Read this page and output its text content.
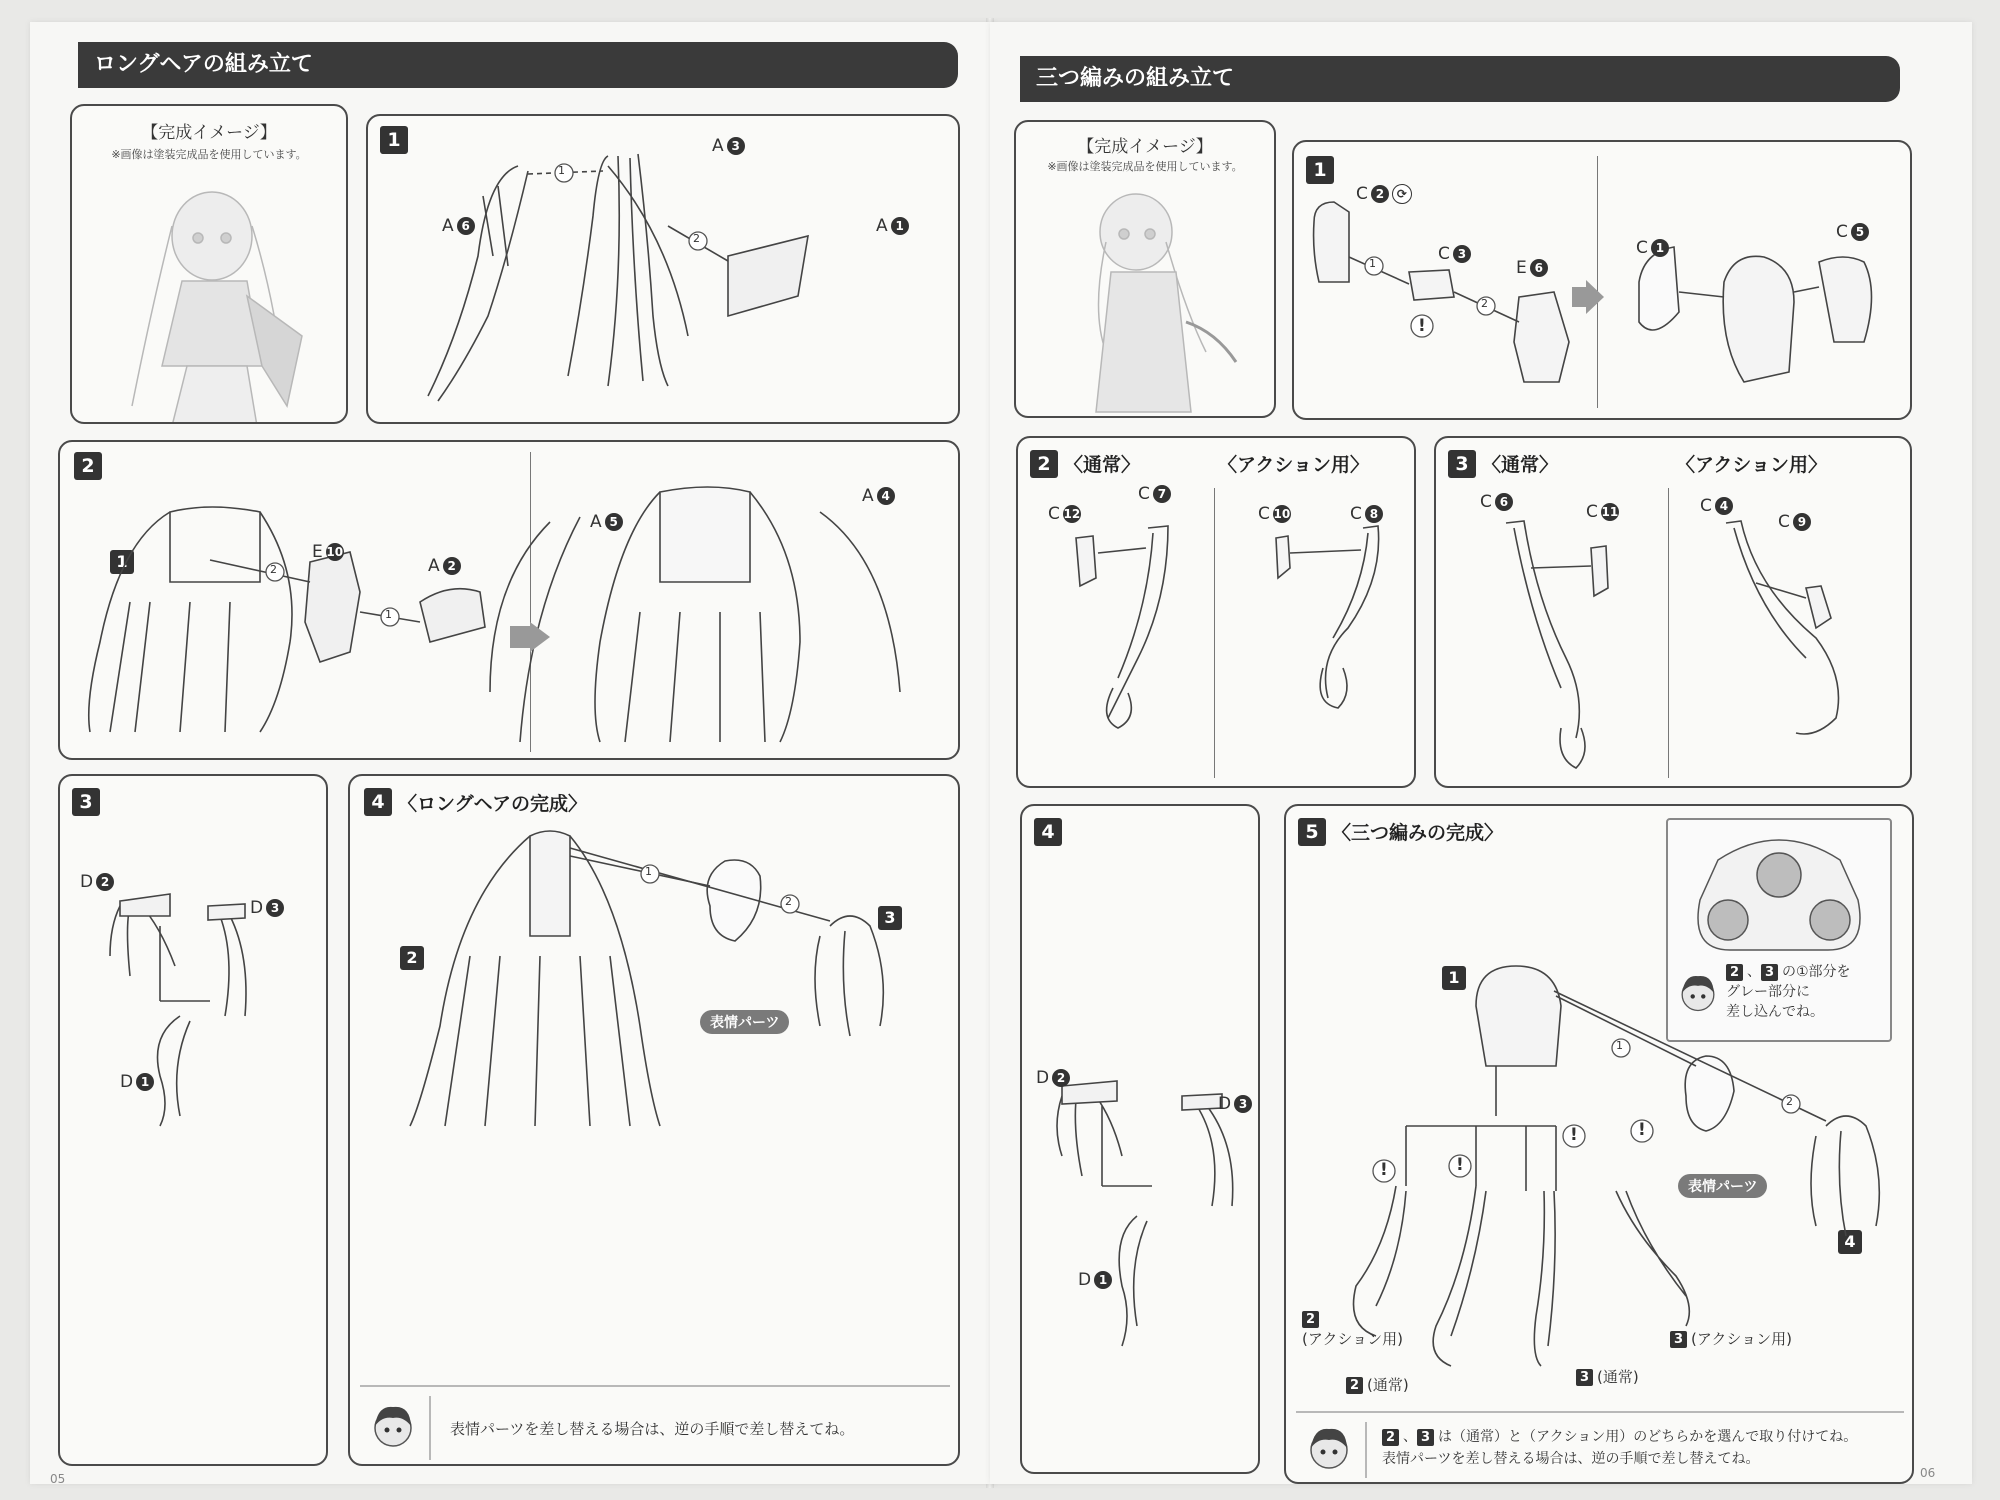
ロングヘアの組み立て
【完成イメージ】
※画像は塗装完成品を使用しています。
1
1
2
A 3
A 6	A 1
2
1	2
1
E 10
A 2
A 5
A 4
3
D 2
D 3
D 1
4 〈ロングヘアの完成〉
2
3
1
2
表情パーツ
表情パーツを差し替える場合は、逆の手順で差し替えてね。
05
三つ編みの組み立て
【完成イメージ】
※画像は塗装完成品を使用しています。	1
1
2
!
C 2 ⟳
C 3
E 6
C 1
C 5
2 〈通常〉	〈アクション用〉
C 12
C 7
C 10	C 8
3 〈通常〉	〈アクション用〉
C 6	C 11	C 4
C 9
4
D 2
D 3
D 1
5 〈三つ編みの完成〉
2 、 3 の①部分を
グレー部分に
差し込んでね。
1
4
1
2
!	!
!	!
表情パーツ
2
(アクション用)
2 (通常)	3 (通常)
3 (アクション用)
2 、 3 は（通常）と（アクション用）のどちらかを選んで取り付けてね。
表情パーツを差し替える場合は、逆の手順で差し替えてね。
06
